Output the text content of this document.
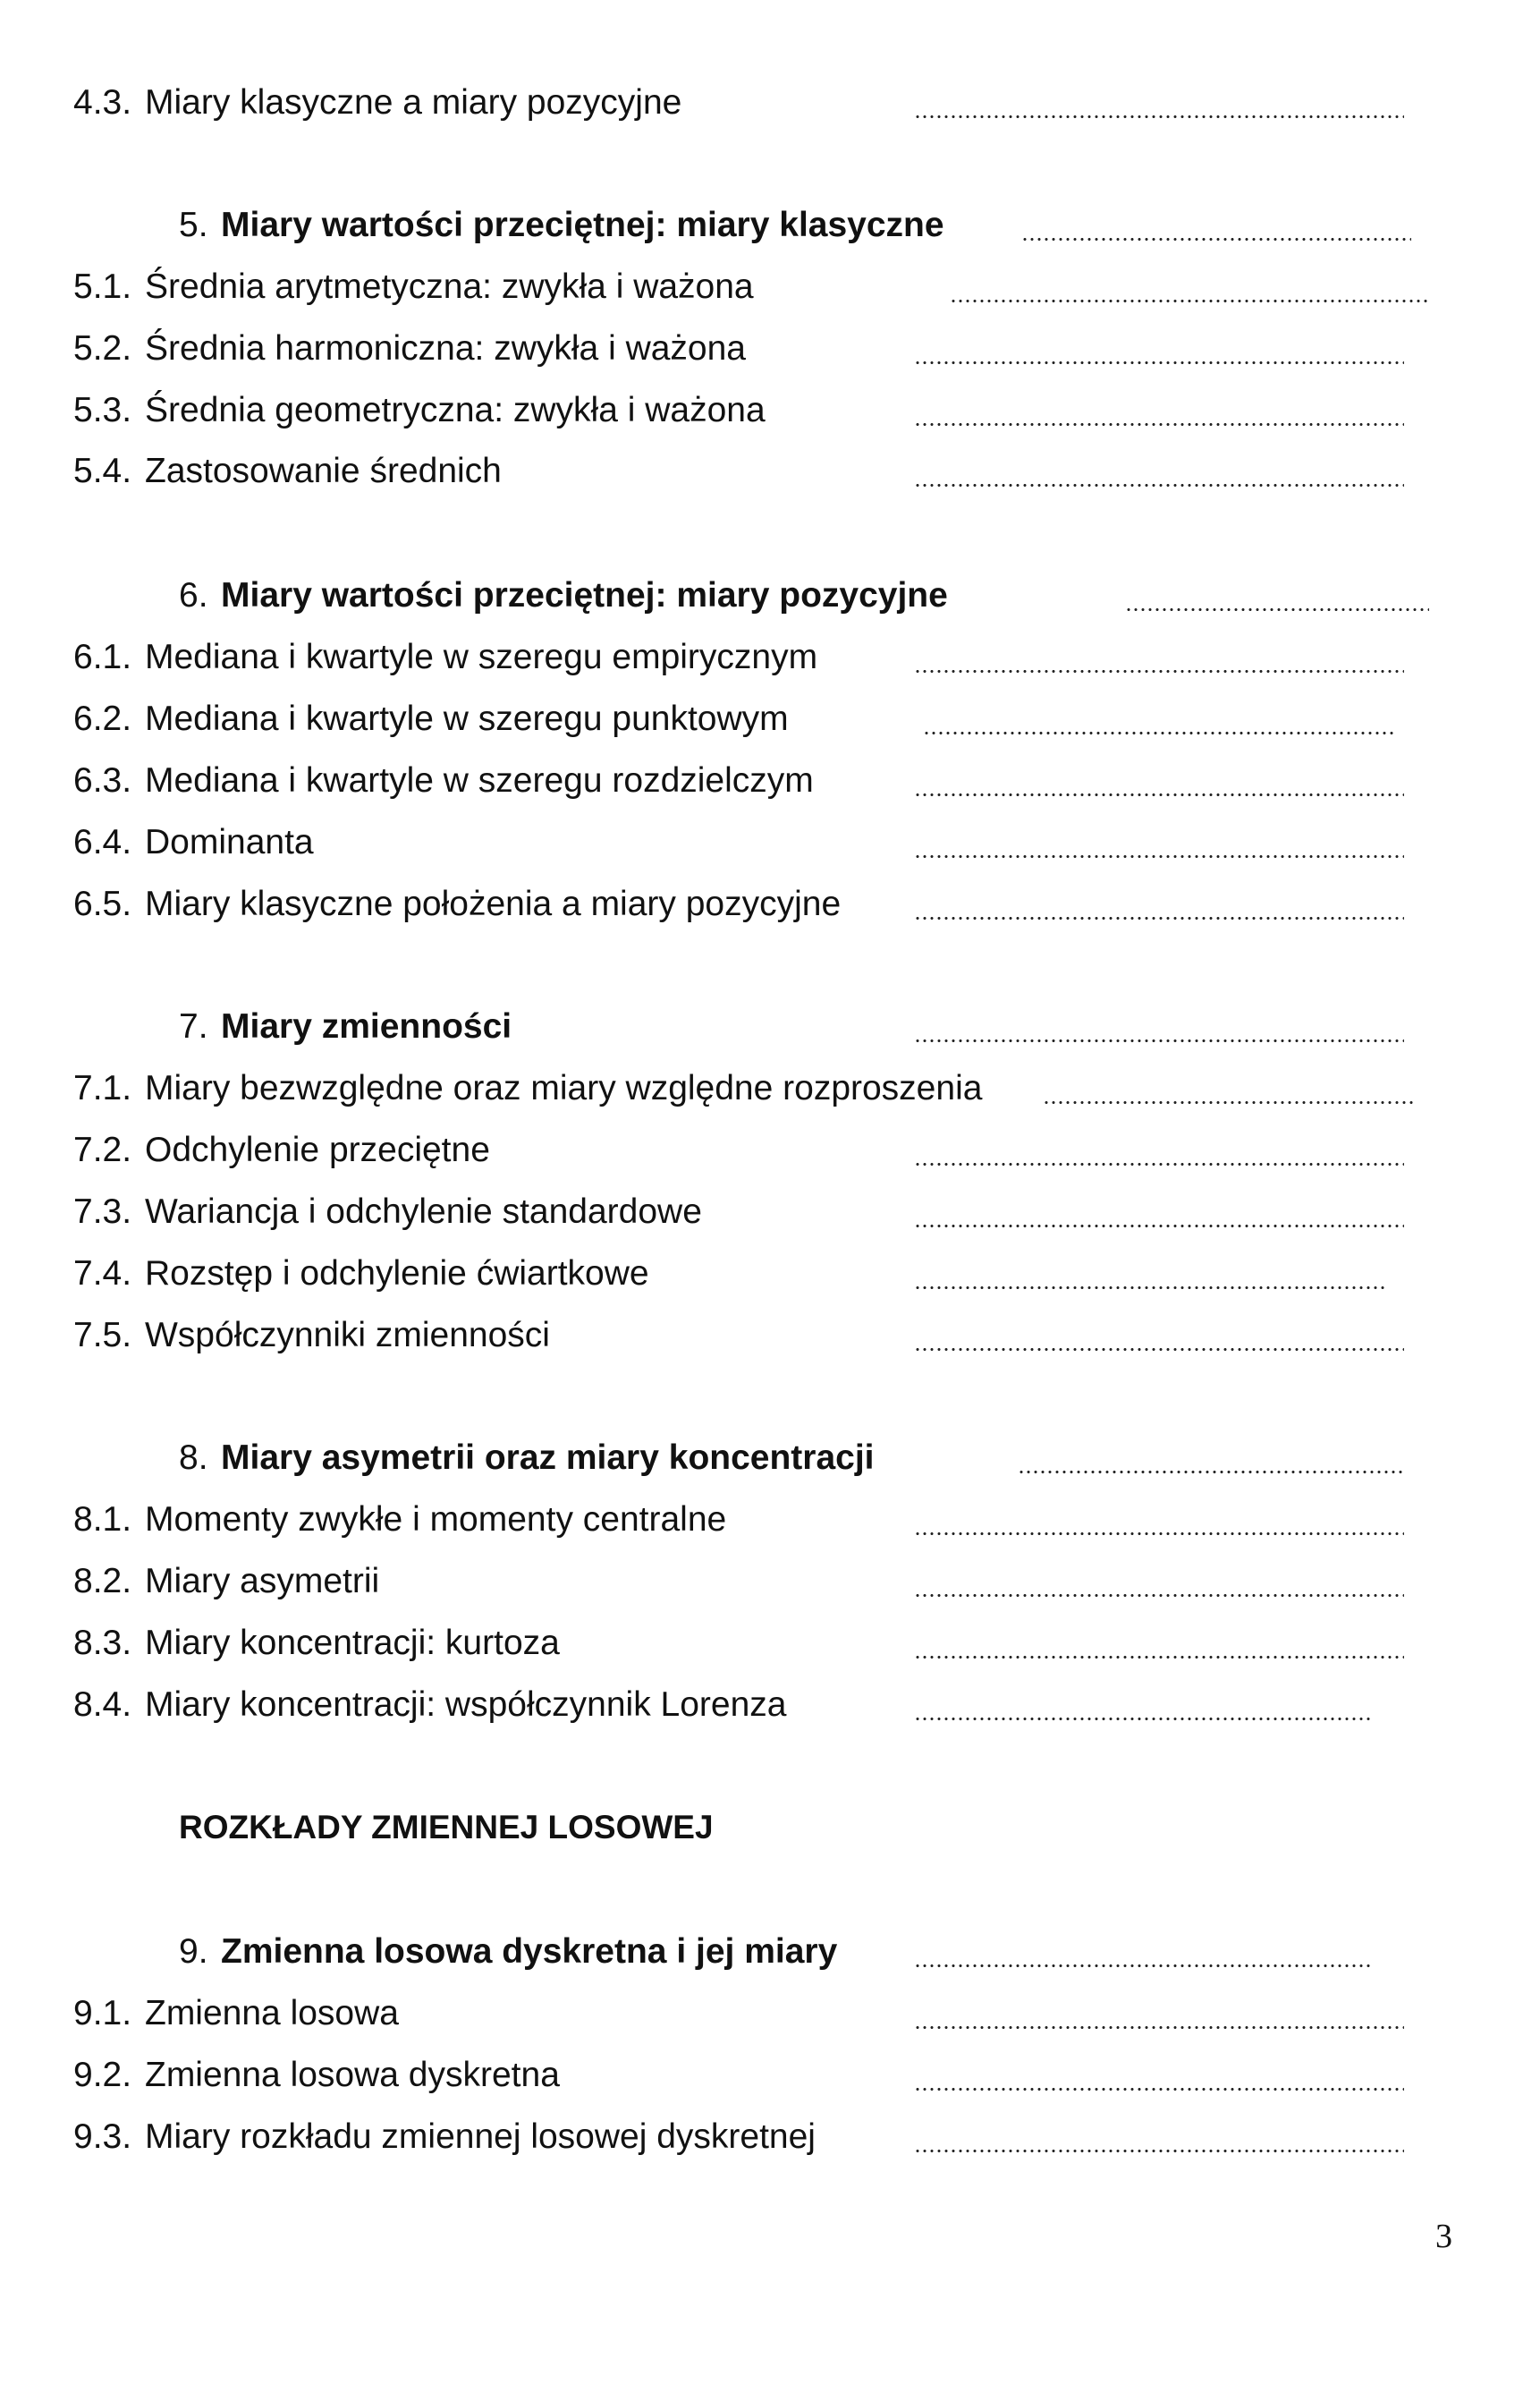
4.3. Miary klasyczne a miary pozycyjne
5. Miary wartości przeciętnej: miary klasyczne
5.1. Średnia arytmetyczna: zwykła i ważona
5.2. Średnia harmoniczna: zwykła i ważona
5.3. Średnia geometryczna: zwykła i ważona
5.4. Zastosowanie średnich
6. Miary wartości przeciętnej: miary pozycyjne
6.1. Mediana i kwartyle w szeregu empirycznym
6.2. Mediana i kwartyle w szeregu punktowym
6.3. Mediana i kwartyle w szeregu rozdzielczym
6.4. Dominanta
6.5. Miary klasyczne położenia a miary pozycyjne
7. Miary zmienności
7.1. Miary bezwzględne oraz miary względne rozproszenia
7.2. Odchylenie przeciętne
7.3. Wariancja i odchylenie standardowe
7.4. Rozstęp i odchylenie ćwiartkowe
7.5. Współczynniki zmienności
8. Miary asymetrii oraz miary koncentracji
8.1. Momenty zwykłe i momenty centralne
8.2. Miary asymetrii
8.3. Miary koncentracji: kurtoza
8.4. Miary koncentracji: współczynnik Lorenza
ROZKŁADY ZMIENNEJ LOSOWEJ
9. Zmienna losowa dyskretna i jej miary
9.1. Zmienna losowa
9.2. Zmienna losowa dyskretna
9.3. Miary rozkładu zmiennej losowej dyskretnej
3
